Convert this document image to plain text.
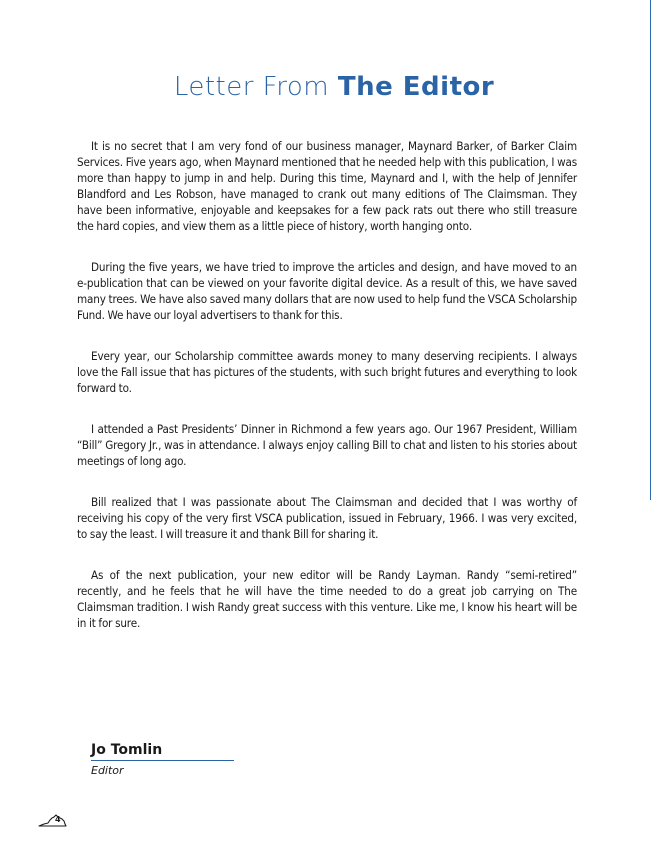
Letter From The Editor

It is no secret that I am very fond of our business manager, Maynard Barker, of Barker Claim Services. Five years ago, when Maynard mentioned that he needed help with this publication, I was more than happy to jump in and help. During this time, Maynard and I, with the help of Jennifer Blandford and Les Robson, have managed to crank out many editions of The Claimsman. They have been informative, enjoyable and keepsakes for a few pack rats out there who still treasure the hard copies, and view them as a little piece of history, worth hanging onto.

During the five years, we have tried to improve the articles and design, and have moved to an e-publication that can be viewed on your favorite digital device. As a result of this, we have saved many trees. We have also saved many dollars that are now used to help fund the VSCA Scholarship Fund. We have our loyal advertisers to thank for this.

Every year, our Scholarship committee awards money to many deserving recipients. I always love the Fall issue that has pictures of the students, with such bright futures and everything to look forward to.

I attended a Past Presidents’ Dinner in Richmond a few years ago. Our 1967 President, William “Bill” Gregory Jr., was in attendance. I always enjoy calling Bill to chat and listen to his stories about meetings of long ago.

Bill realized that I was passionate about The Claimsman and decided that I was worthy of receiving his copy of the very first VSCA publication, issued in February, 1966. I was very excited, to say the least. I will treasure it and thank Bill for sharing it.

As of the next publication, your new editor will be Randy Layman. Randy “semi-retired” recently, and he feels that he will have the time needed to do a great job carrying on The Claimsman tradition. I wish Randy great success with this venture. Like me, I know his heart will be in it for sure.

Jo Tomlin
Editor
4
